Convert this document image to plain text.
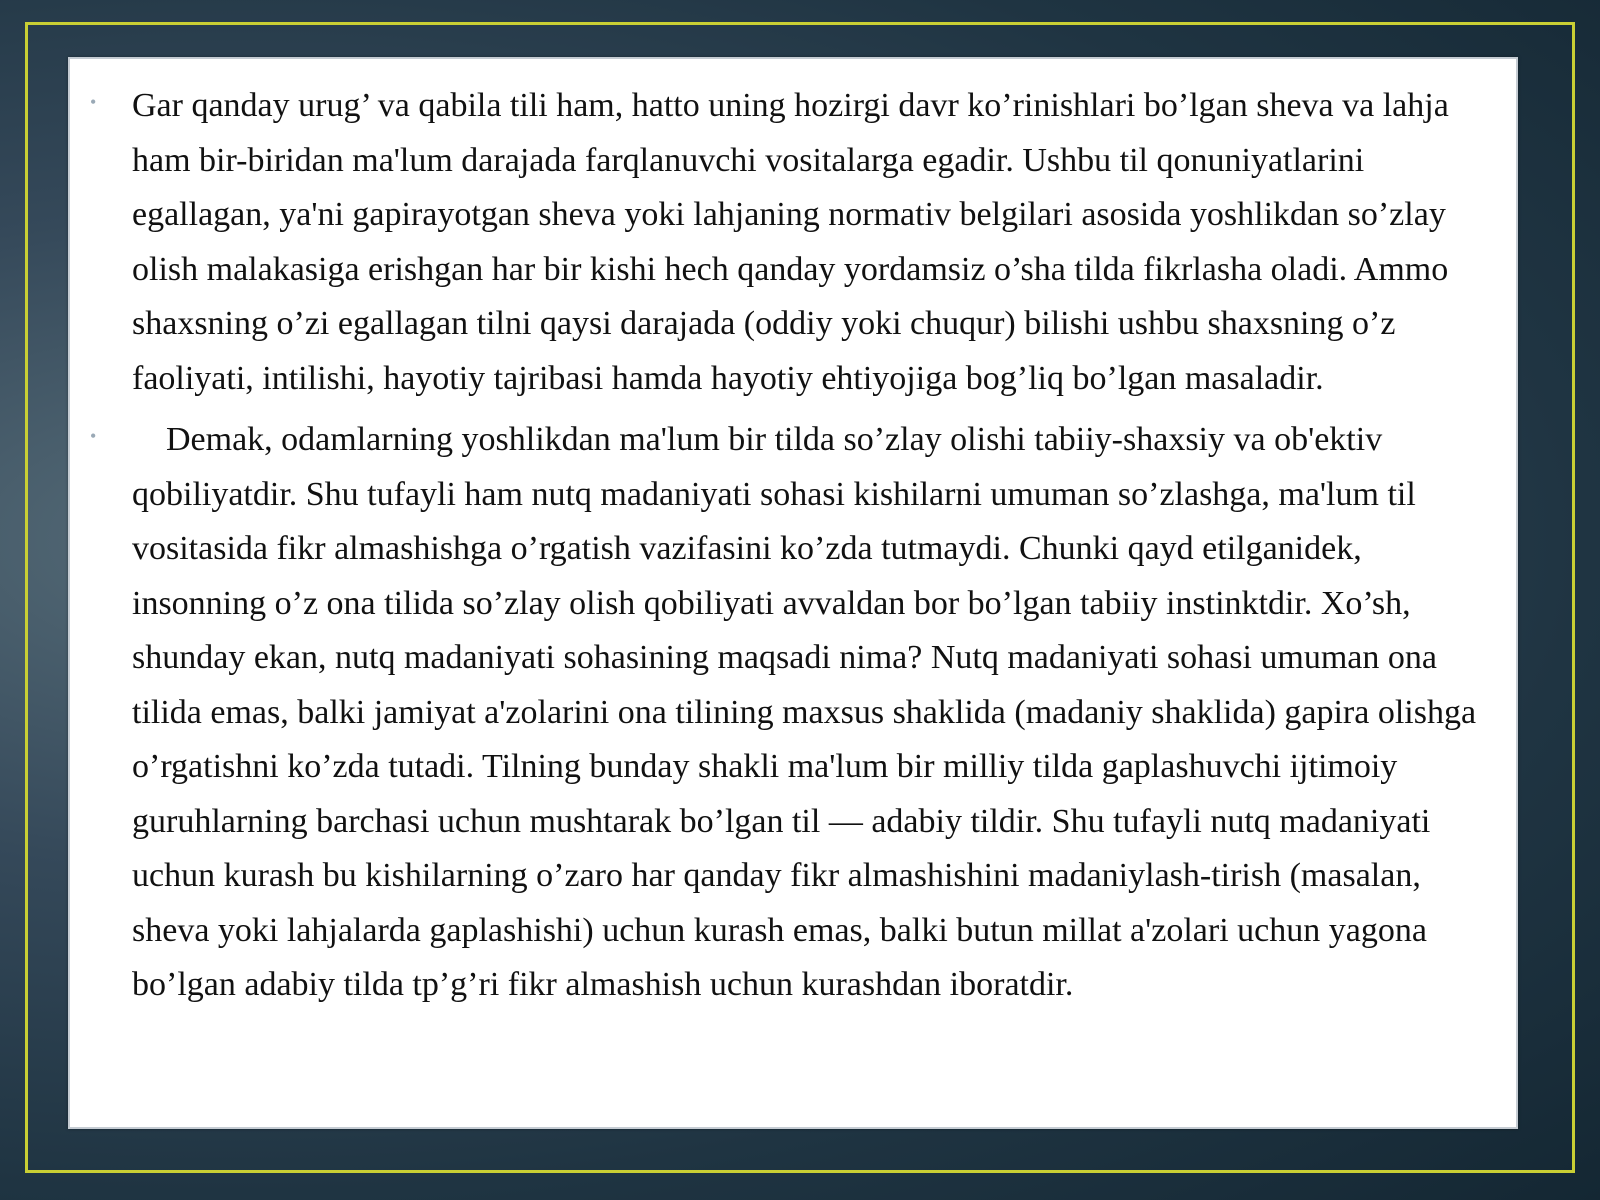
• Gar qanday urug’ va qabila tili ham, hatto uning hozirgi davr ko’rinishlari bo’lgan sheva va lahja ham bir-biridan ma'lum darajada farqlanuvchi vositalarga egadir. Ushbu til qonuniyatlarini egallagan, ya'ni gapirayotgan sheva yoki lahjaning normativ belgilari asosida yoshlikdan so’zlay olish malakasiga erishgan har bir kishi hech qanday yordamsiz o’sha tilda fikrlasha oladi. Ammo shaxsning o’zi egallagan tilni qaysi darajada (oddiy yoki chuqur) bilishi ushbu shaxsning o’z faoliyati, intilishi, hayotiy tajribasi hamda hayotiy ehtiyojiga bog’liq bo’lgan masaladir.

• Demak, odamlarning yoshlikdan ma'lum bir tilda so’zlay olishi tabiiy-shaxsiy va ob'ektiv qobiliyatdir. Shu tufayli ham nutq madaniyati sohasi kishilarni umuman so’zlashga, ma'lum til vositasida fikr almashishga o’rgatish vazifasini ko’zda tutmaydi. Chunki qayd etilganidek, insonning o’z ona tilida so’zlay olish qobiliyati avvaldan bor bo’lgan tabiiy instinktdir. Xo’sh, shunday ekan, nutq madaniyati sohasining maqsadi nima? Nutq madaniyati sohasi umuman ona tilida emas, balki jamiyat a'zolarini ona tilining maxsus shaklida (madaniy shaklida) gapira olishga o’rgatishni ko’zda tutadi. Tilning bunday shakli ma'lum bir milliy tilda gaplashuvchi ijtimoiy guruhlarning barchasi uchun mushtarak bo’lgan til — adabiy tildir. Shu tufayli nutq madaniyati uchun kurash bu kishilarning o’zaro har qanday fikr almashishini madaniylash-tirish (masalan, sheva yoki lahjalarda gaplashishi) uchun kurash emas, balki butun millat a'zolari uchun yagona bo’lgan adabiy tilda tp’g’ri fikr almashish uchun kurashdan iboratdir.
